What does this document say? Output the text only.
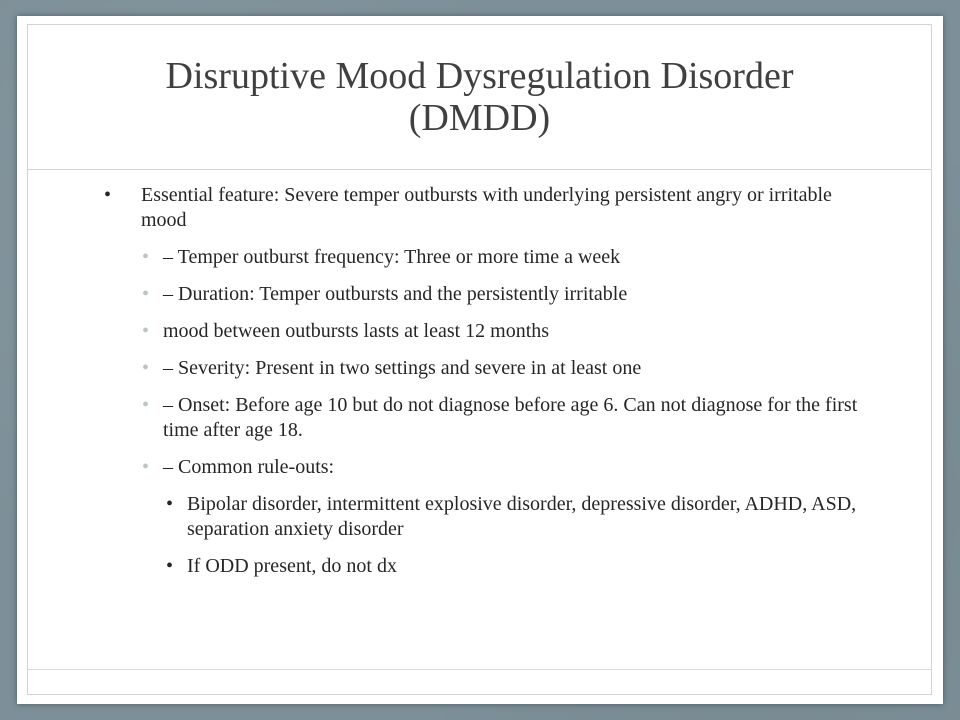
Disruptive Mood Dysregulation Disorder (DMDD)
• Essential feature: Severe temper outbursts with underlying persistent angry or irritable mood
• – Temper outburst frequency: Three or more time a week
• – Duration: Temper outbursts and the persistently irritable
• mood between outbursts lasts at least 12 months
• – Severity: Present in two settings and severe in at least one
• – Onset: Before age 10 but do not diagnose before age 6. Can not diagnose for the first time after age 18.
• – Common rule-outs:
• Bipolar disorder, intermittent explosive disorder, depressive disorder, ADHD, ASD, separation anxiety disorder
• If ODD present, do not dx
